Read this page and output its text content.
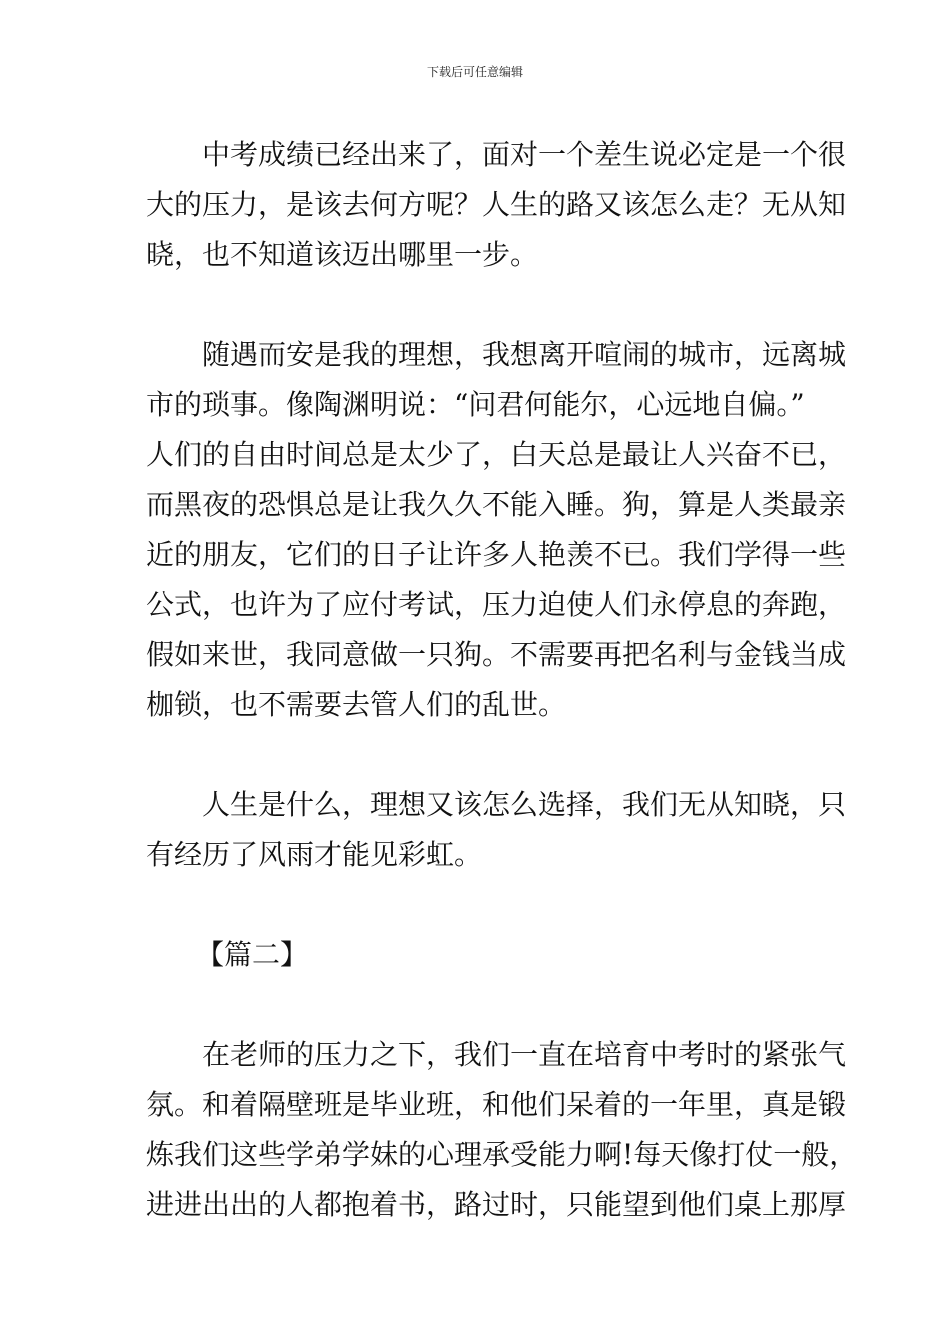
下载后可任意编辑
中考成绩已经出来了，面对一个差生说必定是一个很
大的压力，是该去何方呢？人生的路又该怎么走？无从知
晓，也不知道该迈出哪里一步。
随遇而安是我的理想，我想离开喧闹的城市，远离城
市的琐事。像陶渊明说：“问君何能尔，心远地自偏。”
人们的自由时间总是太少了，白天总是最让人兴奋不已，
而黑夜的恐惧总是让我久久不能入睡。狗，算是人类最亲
近的朋友，它们的日子让许多人艳羡不已。我们学得一些
公式，也许为了应付考试，压力迫使人们永停息的奔跑，
假如来世，我同意做一只狗。不需要再把名利与金钱当成
枷锁，也不需要去管人们的乱世。
人生是什么，理想又该怎么选择，我们无从知晓，只
有经历了风雨才能见彩虹。
【篇二】
在老师的压力之下，我们一直在培育中考时的紧张气
氛。和着隔壁班是毕业班，和他们呆着的一年里，真是锻
炼我们这些学弟学妹的心理承受能力啊!每天像打仗一般，
进进出出的人都抱着书，路过时，只能望到他们桌上那厚
